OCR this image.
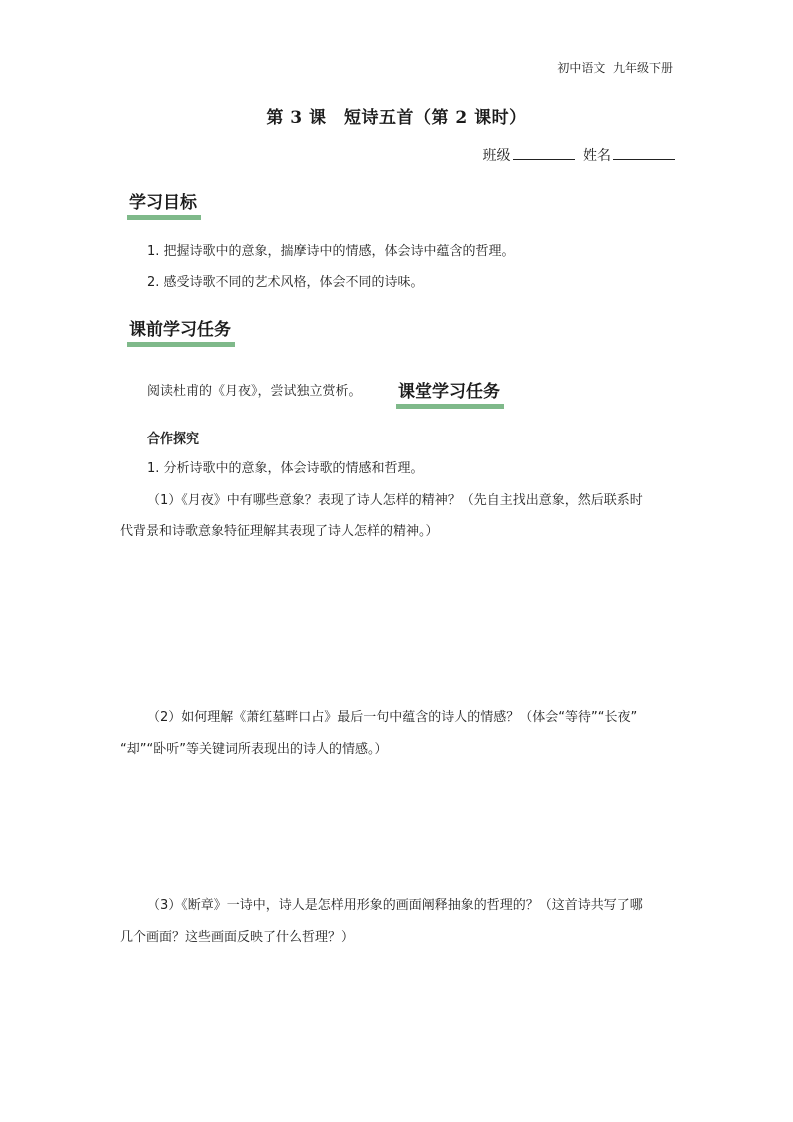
初中语文 九年级下册
第 3 课　短诗五首（第 2 课时）
班级	姓名
学习目标
1. 把握诗歌中的意象，揣摩诗中的情感，体会诗中蕴含的哲理。
2. 感受诗歌不同的艺术风格，体会不同的诗味。
课前学习任务
阅读杜甫的《月夜》，尝试独立赏析。 课堂学习任务
合作探究
1. 分析诗歌中的意象，体会诗歌的情感和哲理。
（1）《月夜》中有哪些意象？表现了诗人怎样的精神？（先自主找出意象，然后联系时
代背景和诗歌意象特征理解其表现了诗人怎样的精神。）
（2）如何理解《萧红墓畔口占》最后一句中蕴含的诗人的情感？（体会“等待”“长夜”
“却”“卧听”等关键词所表现出的诗人的情感。）
（3）《断章》一诗中，诗人是怎样用形象的画面阐释抽象的哲理的？（这首诗共写了哪
几个画面？这些画面反映了什么哲理？）
